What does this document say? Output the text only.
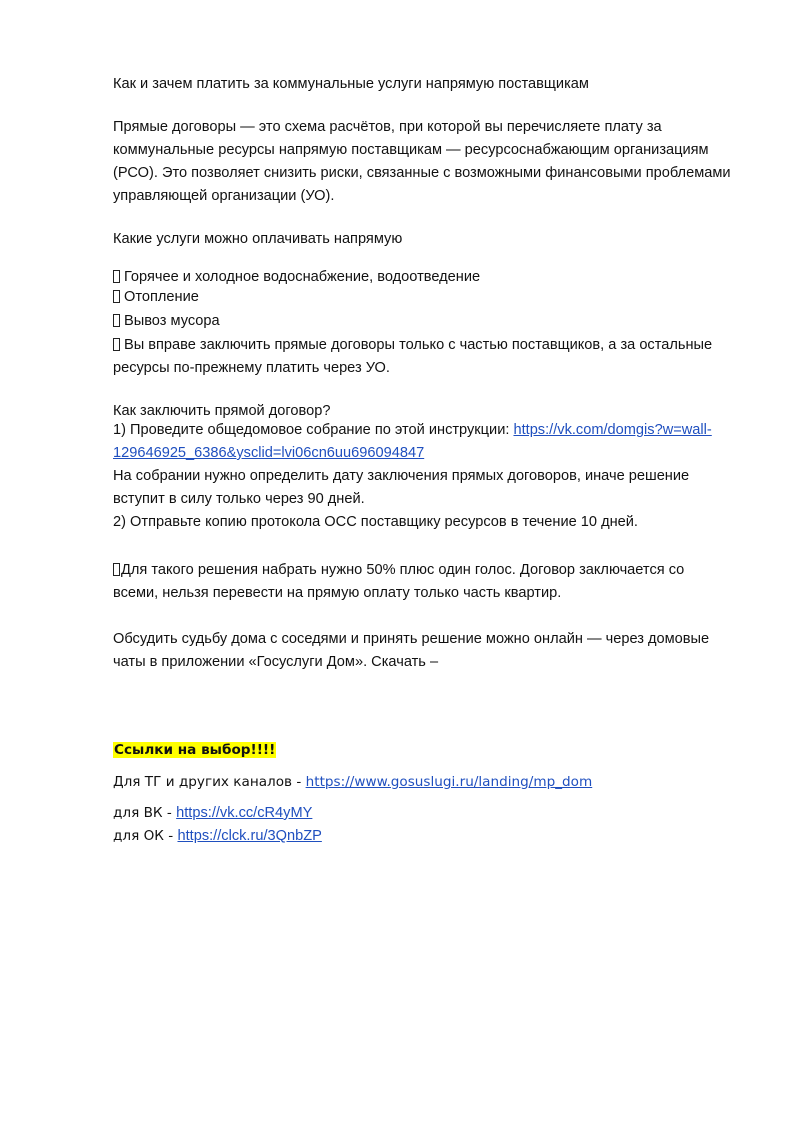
Как и зачем платить за коммунальные услуги напрямую поставщикам
Прямые договоры — это схема расчётов, при которой вы перечисляете плату за
коммунальные ресурсы напрямую поставщикам — ресурсоснабжающим организациям
(РСО). Это позволяет снизить риски, связанные с возможными финансовыми проблемами
управляющей организации (УО).
Какие услуги можно оплачивать напрямую
Горячее и холодное водоснабжение, водоотведение
Отопление
Вывоз мусора
Вы вправе заключить прямые договоры только с частью поставщиков, а за остальные
ресурсы по-прежнему платить через УО.
Как заключить прямой договор?
1) Проведите общедомовое собрание по этой инструкции: https://vk.com/domgis?w=wall-
129646925_6386&ysclid=lvi06cn6uu696094847
На собрании нужно определить дату заключения прямых договоров, иначе решение
вступит в силу только через 90 дней.
2) Отправьте копию протокола ОСС поставщику ресурсов в течение 10 дней.
Для такого решения набрать нужно 50% плюс один голос. Договор заключается со
всеми, нельзя перевести на прямую оплату только часть квартир.
Обсудить судьбу дома с соседями и принять решение можно онлайн — через домовые
чаты в приложении «Госуслуги Дом». Скачать –
Ссылки на выбор!!!!
Для ТГ и других каналов - https://www.gosuslugi.ru/landing/mp_dom
для ВК - https://vk.cc/cR4yMY
для ОК - https://clck.ru/3QnbZP
